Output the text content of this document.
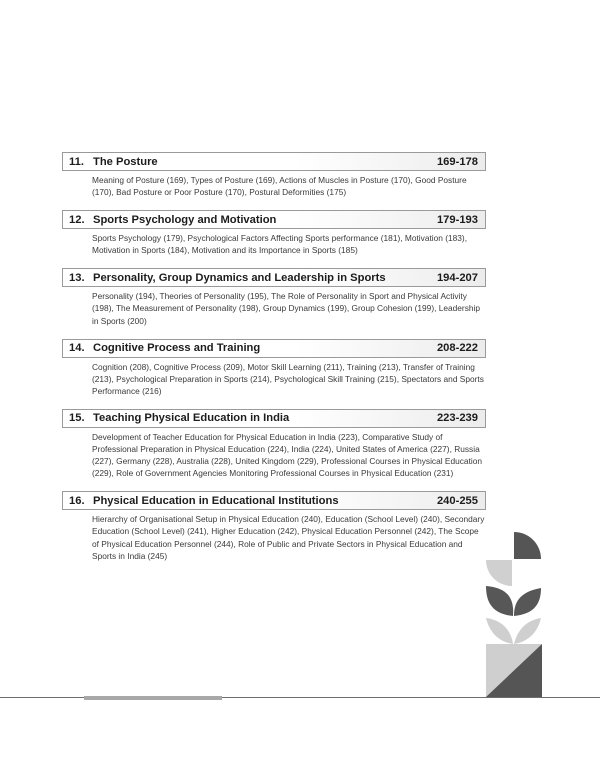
11. The Posture	169-178
Meaning of Posture (169), Types of Posture (169), Actions of Muscles in Posture (170), Good Posture (170), Bad Posture or Poor Posture (170), Postural Deformities (175)
12. Sports Psychology and Motivation	179-193
Sports Psychology (179), Psychological Factors Affecting Sports performance (181), Motivation (183), Motivation in Sports (184), Motivation and its Importance in Sports (185)
13. Personality, Group Dynamics and Leadership in Sports	194-207
Personality (194), Theories of Personality (195), The Role of Personality in Sport and Physical Activity (198), The Measurement of Personality (198), Group Dynamics (199), Group Cohesion (199), Leadership in Sports (200)
14. Cognitive Process and Training	208-222
Cognition (208), Cognitive Process (209), Motor Skill Learning (211), Training (213), Transfer of Training (213), Psychological Preparation in Sports (214), Psychological Skill Training (215), Spectators and Sports Performance (216)
15. Teaching Physical Education in India	223-239
Development of Teacher Education for Physical Education in India (223), Comparative Study of Professional Preparation in Physical Education (224), India (224), United States of America (227), Russia (227), Germany (228), Australia (228), United Kingdom (229), Professional Courses in Physical Education (229), Role of Government Agencies Monitoring Professional Courses in Physical Education (231)
16. Physical Education in Educational Institutions	240-255
Hierarchy of Organisational Setup in Physical Education (240), Education (School Level) (240), Secondary Education (School Level) (241), Higher Education (242), Physical Education Personnel (242), The Scope of Physical Education Personnel (244), Role of Public and Private Sectors in Physical Education and Sports in India (245)
